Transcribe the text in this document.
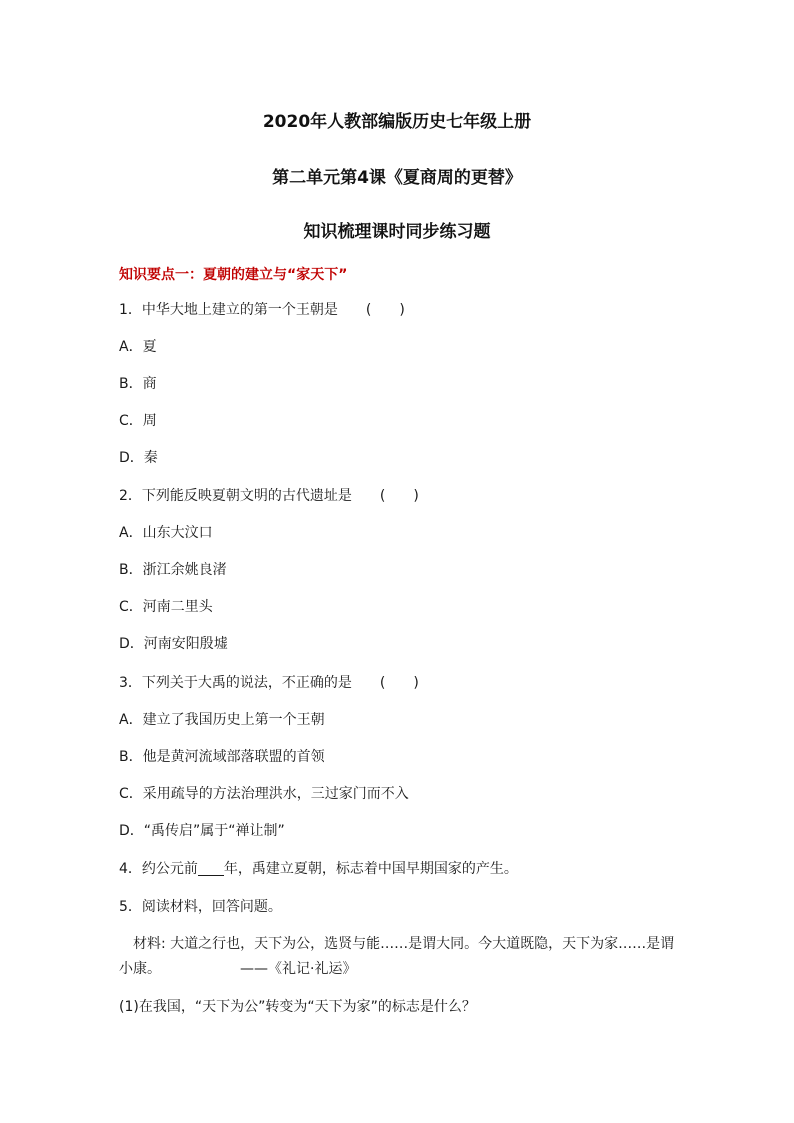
2020年人教部编版历史七年级上册
第二单元第4课《夏商周的更替》
知识梳理课时同步练习题
知识要点一：夏朝的建立与“家天下”
1．中华大地上建立的第一个王朝是　　(　　)
A．夏
B．商
C．周
D．秦
2．下列能反映夏朝文明的古代遗址是　　(　　)
A．山东大汶口
B．浙江余姚良渚
C．河南二里头
D．河南安阳殷墟
3．下列关于大禹的说法，不正确的是　　(　　)
A．建立了我国历史上第一个王朝
B．他是黄河流域部落联盟的首领
C．采用疏导的方法治理洪水，三过家门而不入
D．“禹传启”属于“禅让制”
4．约公元前 年，禹建立夏朝，标志着中国早期国家的产生。
5．阅读材料，回答问题。
材料: 大道之行也，天下为公，选贤与能……是谓大同。今大道既隐，天下为家……是谓
小康。	——《礼记·礼运》
(1)在我国，“天下为公”转变为“天下为家”的标志是什么？
